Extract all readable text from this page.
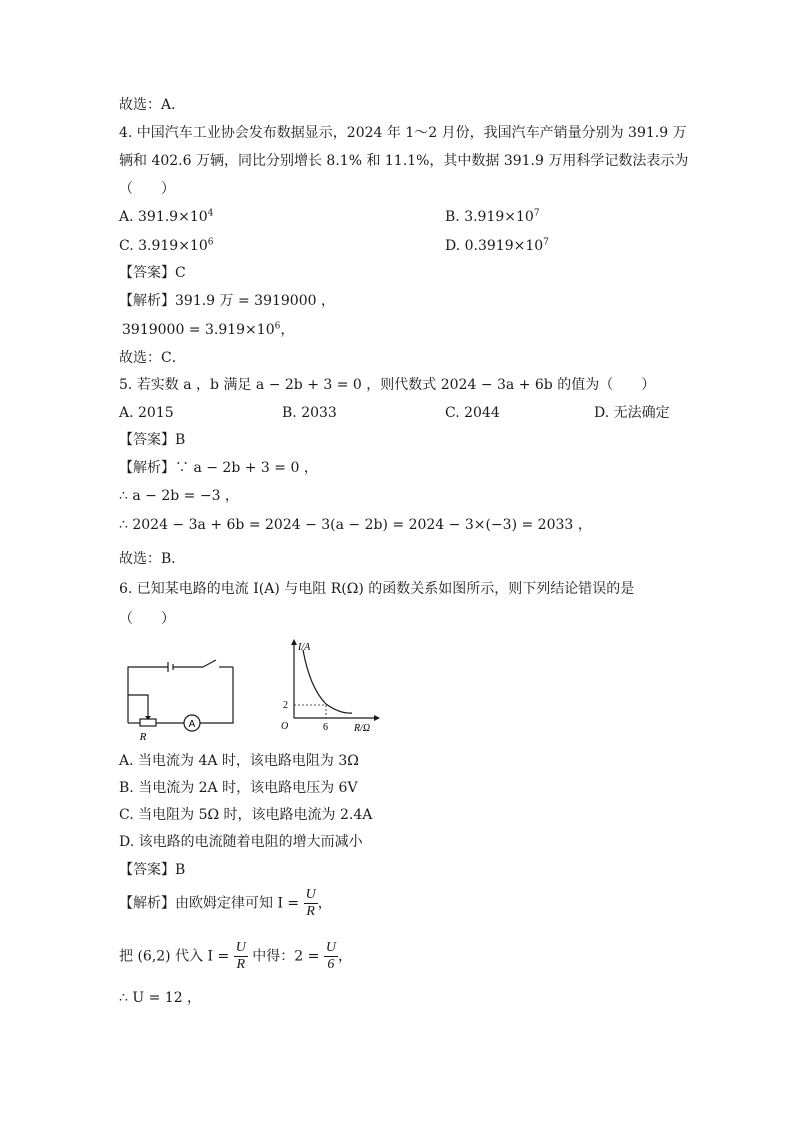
故选：A．
4. 中国汽车工业协会发布数据显示，2024 年 1～2 月份，我国汽车产销量分别为 391.9 万
辆和 402.6 万辆，同比分别增长 8.1% 和 11.1%，其中数据 391.9 万用科学记数法表示为
（　　）
A. $391.9\times 10^4$	B. $3.919\times 10^7$
C. $3.919\times 10^6$	D. $0.3919\times 10^7$
【答案】C
【解析】391.9 万 = 3919000 ，
$3919000 = 3.919\times 10^6$，
故选：C．
5. 若实数 a ，b 满足 a − 2b + 3 = 0 ，则代数式 2024 − 3a + 6b 的值为（　　）
A. 2015	B. 2033	C. 2044	D. 无法确定
【答案】B
【解析】∵ a − 2b + 3 = 0 ，
∴ a − 2b = −3 ，
∴ 2024 − 3a + 6b = 2024 − 3(a − 2b) = 2024 − 3×(−3) = 2033 ，
故选：B．
6. 已知某电路的电流 I(A) 与电阻 R(Ω) 的函数关系如图所示，则下列结论错误的是
（　　）
A
R
I/A
R/Ω
O	6
2
A. 当电流为 4A 时，该电路电阻为 3Ω
B. 当电流为 2A 时，该电路电压为 6V
C. 当电阻为 5Ω 时，该电路电流为 2.4A
D. 该电路的电流随着电阻的增大而减小
【答案】B
【解析】由欧姆定律可知 $I = \frac{U}{R}$ ，
把 (6,2) 代入 $I = \frac{U}{R}$ 中得：$2 = \frac{U}{6}$ ，
∴ U = 12 ，
